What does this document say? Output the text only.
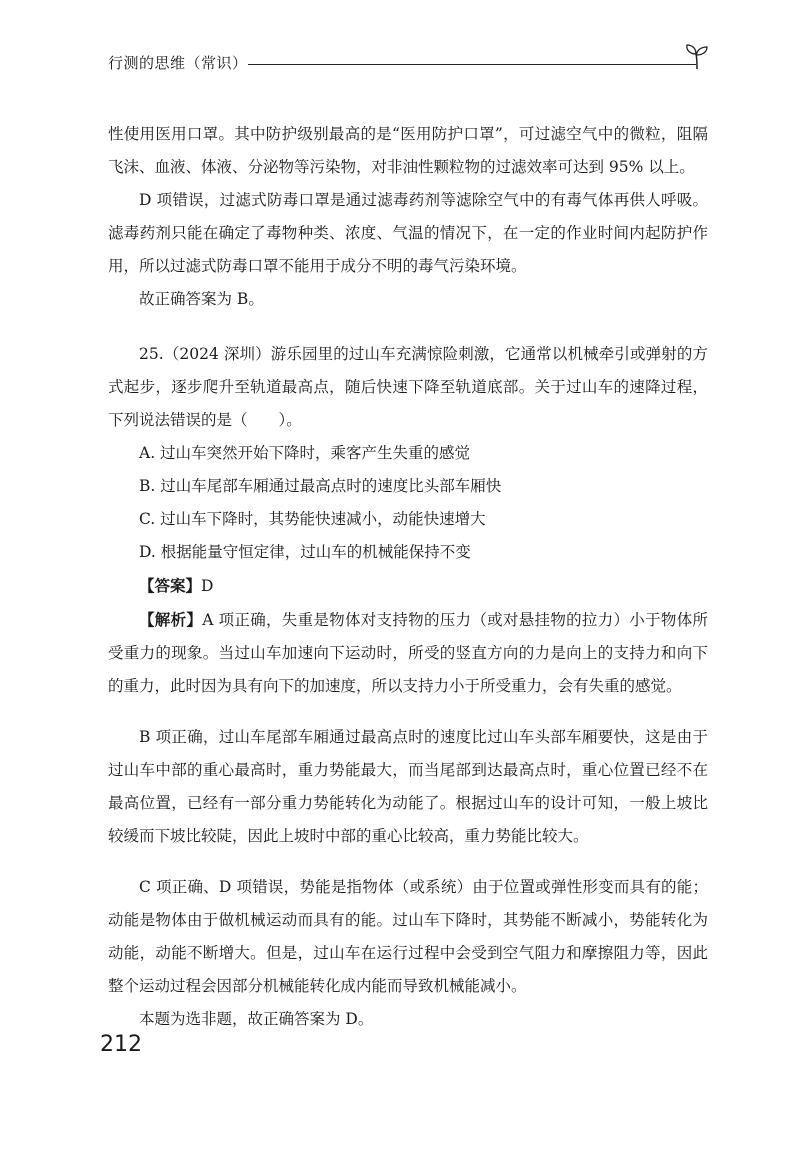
行测的思维（常识）

性使用医用口罩。其中防护级别最高的是“医用防护口罩”，可过滤空气中的微粒，阻隔飞沫、血液、体液、分泌物等污染物，对非油性颗粒物的过滤效率可达到 95% 以上。

D 项错误，过滤式防毒口罩是通过滤毒药剂等滤除空气中的有毒气体再供人呼吸。滤毒药剂只能在确定了毒物种类、浓度、气温的情况下，在一定的作业时间内起防护作用，所以过滤式防毒口罩不能用于成分不明的毒气污染环境。

故正确答案为 B。

25.（2024 深圳）游乐园里的过山车充满惊险刺激，它通常以机械牵引或弹射的方式起步，逐步爬升至轨道最高点，随后快速下降至轨道底部。关于过山车的速降过程，下列说法错误的是（　　）。

A. 过山车突然开始下降时，乘客产生失重的感觉

B. 过山车尾部车厢通过最高点时的速度比头部车厢快

C. 过山车下降时，其势能快速减小，动能快速增大

D. 根据能量守恒定律，过山车的机械能保持不变

【答案】D

【解析】A 项正确，失重是物体对支持物的压力（或对悬挂物的拉力）小于物体所受重力的现象。当过山车加速向下运动时，所受的竖直方向的力是向上的支持力和向下的重力，此时因为具有向下的加速度，所以支持力小于所受重力，会有失重的感觉。

B 项正确，过山车尾部车厢通过最高点时的速度比过山车头部车厢要快，这是由于过山车中部的重心最高时，重力势能最大，而当尾部到达最高点时，重心位置已经不在最高位置，已经有一部分重力势能转化为动能了。根据过山车的设计可知，一般上坡比较缓而下坡比较陡，因此上坡时中部的重心比较高，重力势能比较大。

C 项正确、D 项错误，势能是指物体（或系统）由于位置或弹性形变而具有的能；动能是物体由于做机械运动而具有的能。过山车下降时，其势能不断减小，势能转化为动能，动能不断增大。但是，过山车在运行过程中会受到空气阻力和摩擦阻力等，因此整个运动过程会因部分机械能转化成内能而导致机械能减小。

本题为选非题，故正确答案为 D。

212
